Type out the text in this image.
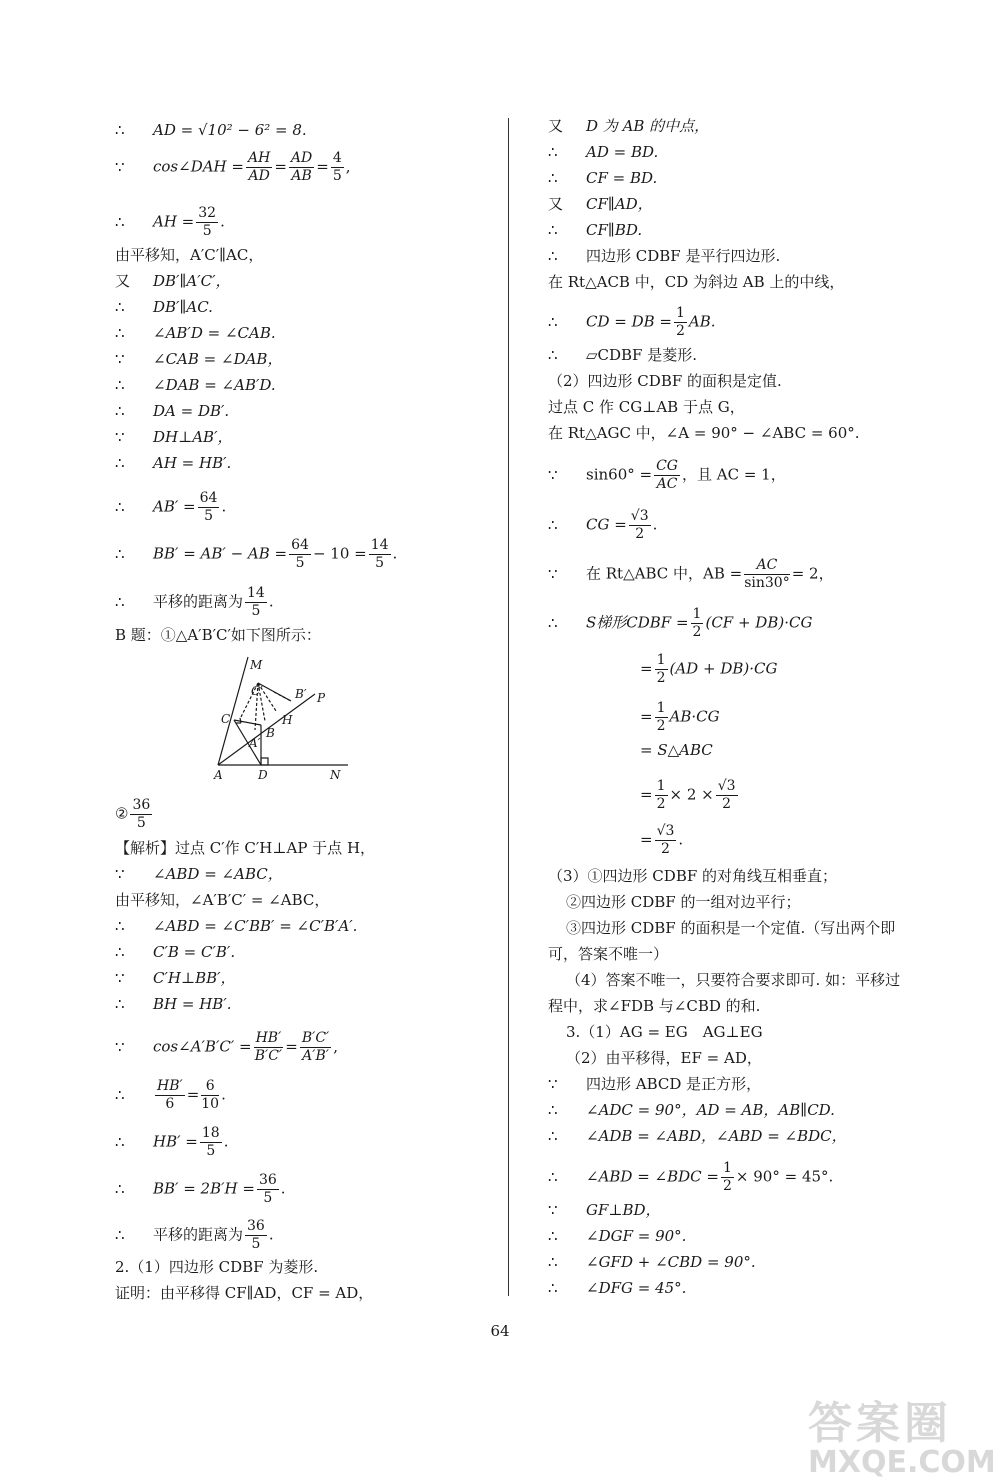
∴ AD = √10² − 6² = 8.
∵ cos∠DAH = $\frac{AH}{AD} = \frac{AD}{AB} = \frac{4}{5}$ ,
∴ AH = $\frac{32}{5}$ .
由平移知，A′C′∥AC，
又 DB′∥A′C′，
∴ DB′∥AC.
∴ ∠AB′D = ∠CAB.
∵ ∠CAB = ∠DAB，
∴ ∠DAB = ∠AB′D.
∴ DA = DB′.
∵ DH⊥AB′，
∴ AH = HB′.
∴ $AB' = \frac{64}{5}$ .
∴ BB′ = AB′ − AB = $\frac{64}{5} - 10 = \frac{14}{5}$ .
∴ 平移的距离为 $\frac{14}{5}$ .
B 题：①△A′B′C′如下图所示：
M
C′	B′ P
C	H
B
A′
A	D	N
② $\frac{36}{5}$
【解析】过点 C′作 C′H⊥AP 于点 H，
∵ ∠ABD = ∠ABC，
由平移知，∠A′B′C′ = ∠ABC，
∴ ∠ABD = ∠C′BB′ = ∠C′B′A′.
∴ C′B = C′B′.
∵ C′H⊥BB′，
∴ BH = HB′.
∵ cos∠A′B′C′ = $\frac{HB'}{B'C'} = \frac{B'C'}{A'B'}$ ,
∴ $\frac{HB'}{6} = \frac{6}{10}$ .
∴ $HB' = \frac{18}{5}$ .
∴ $BB' = 2B'H = \frac{36}{5}$ .
∴ 平移的距离为 $\frac{36}{5}$ .
2.（1）四边形 CDBF 为菱形.
证明：由平移得 CF∥AD，CF = AD，
又 D 为 AB 的中点，
∴ AD = BD.
∴ CF = BD.
又 CF∥AD，
∴ CF∥BD.
∴ 四边形 CDBF 是平行四边形.
在 Rt△ACB 中，CD 为斜边 AB 上的中线，
∴ CD = DB = $\frac{1}{2}$ AB.
∴ ▱CDBF 是菱形.
（2）四边形 CDBF 的面积是定值.
过点 C 作 CG⊥AB 于点 G，
在 Rt△AGC 中，∠A = 90° − ∠ABC = 60°.
∵ $\sin 60^\circ = \frac{CG}{AC}$ ，且 AC = 1，
∴ CG = $\frac{√3}{2}$ .
∵ 在 Rt△ABC 中，AB = $\frac{AC}{\sin 30^\circ} = 2$，
∴ S梯形CDBF = $\frac{1}{2} (CF + DB)\cdot CG$
= $\frac{1}{2} (AD + DB)\cdot CG$
= $\frac{1}{2} AB\cdot CG$
= S△ABC
= $\frac{1}{2} \times 2 \times \frac{√3}{2}$
= $\frac{√3}{2}$ .
（3）①四边形 CDBF 的对角线互相垂直；
②四边形 CDBF 的一组对边平行；
③四边形 CDBF 的面积是一个定值.（写出两个即
可，答案不唯一）
（4）答案不唯一，只要符合要求即可. 如：平移过
程中，求∠FDB 与∠CBD 的和.
3.（1）AG = EG　AG⊥EG
（2）由平移得，EF = AD，
∵ 四边形 ABCD 是正方形，
∴ ∠ADC = 90°，AD = AB，AB∥CD.
∴ ∠ADB = ∠ABD，∠ABD = ∠BDC，
∴ ∠ABD = ∠BDC = $\frac{1}{2} \times 90^\circ = 45^\circ$.
∵ GF⊥BD，
∴ ∠DGF = 90°.
∴ ∠GFD + ∠CBD = 90°.
∴ ∠DFG = 45°.
64
答案圈
MXQE.COM
